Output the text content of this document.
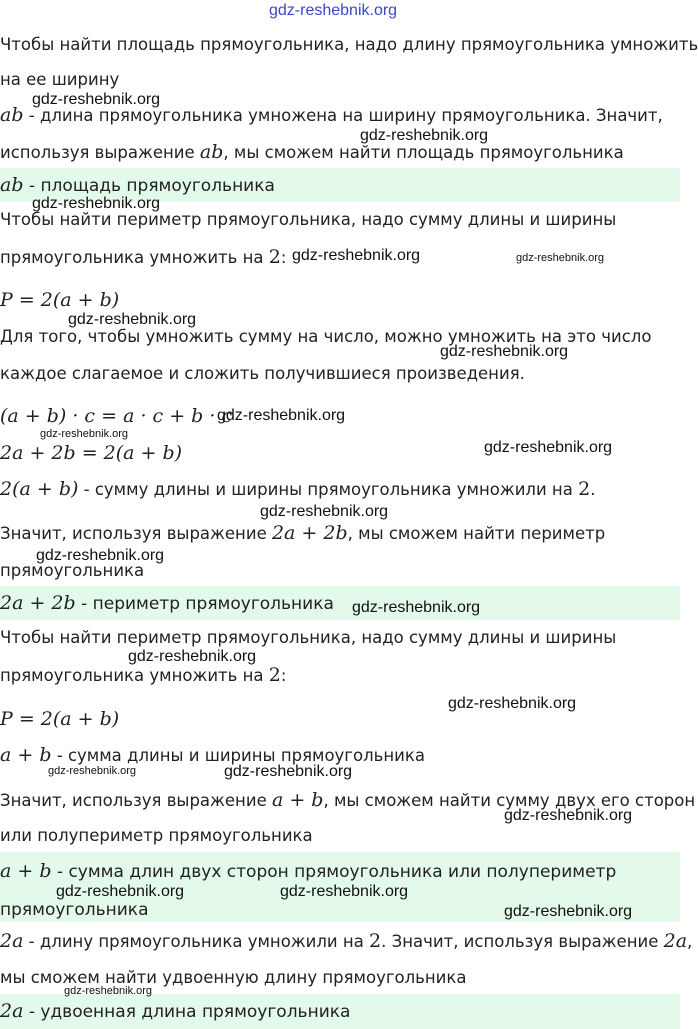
ab - площадь прямоугольника
2a + 2b - периметр прямоугольника
a + b - сумма длин двух сторон прямоугольника или полупериметр
прямоугольника
2a - удвоенная длина прямоугольника
Чтобы найти площадь прямоугольника, надо длину прямоугольника умножить
на ее ширину
ab - длина прямоугольника умножена на ширину прямоугольника. Значит,
используя выражение ab, мы сможем найти площадь прямоугольника
Чтобы найти периметр прямоугольника, надо сумму длины и ширины
прямоугольника умножить на 2:
P = 2(a + b)
Для того, чтобы умножить сумму на число, можно умножить на это число
каждое слагаемое и сложить получившиеся произведения.
(a + b) · c = a · c + b · c
2a + 2b = 2(a + b)
2(a + b) - сумму длины и ширины прямоугольника умножили на 2.
Значит, используя выражение 2a + 2b, мы сможем найти периметр
прямоугольника
Чтобы найти периметр прямоугольника, надо сумму длины и ширины
прямоугольника умножить на 2:
P = 2(a + b)
a + b - сумма длины и ширины прямоугольника
Значит, используя выражение a + b, мы сможем найти сумму двух его сторон
или полупериметр прямоугольника
2a - длину прямоугольника умножили на 2. Значит, используя выражение 2a,
мы сможем найти удвоенную длину прямоугольника
gdz-reshebnik.org
gdz-reshebnik.org
gdz-reshebnik.org
gdz-reshebnik.org
gdz-reshebnik.org	gdz-reshebnik.org
gdz-reshebnik.org
gdz-reshebnik.org
gdz-reshebnik.org
gdz-reshebnik.org
gdz-reshebnik.org
gdz-reshebnik.org
gdz-reshebnik.org
gdz-reshebnik.org
gdz-reshebnik.org
gdz-reshebnik.org
gdz-reshebnik.org	gdz-reshebnik.org
gdz-reshebnik.org
gdz-reshebnik.org	gdz-reshebnik.org
gdz-reshebnik.org
gdz-reshebnik.org
